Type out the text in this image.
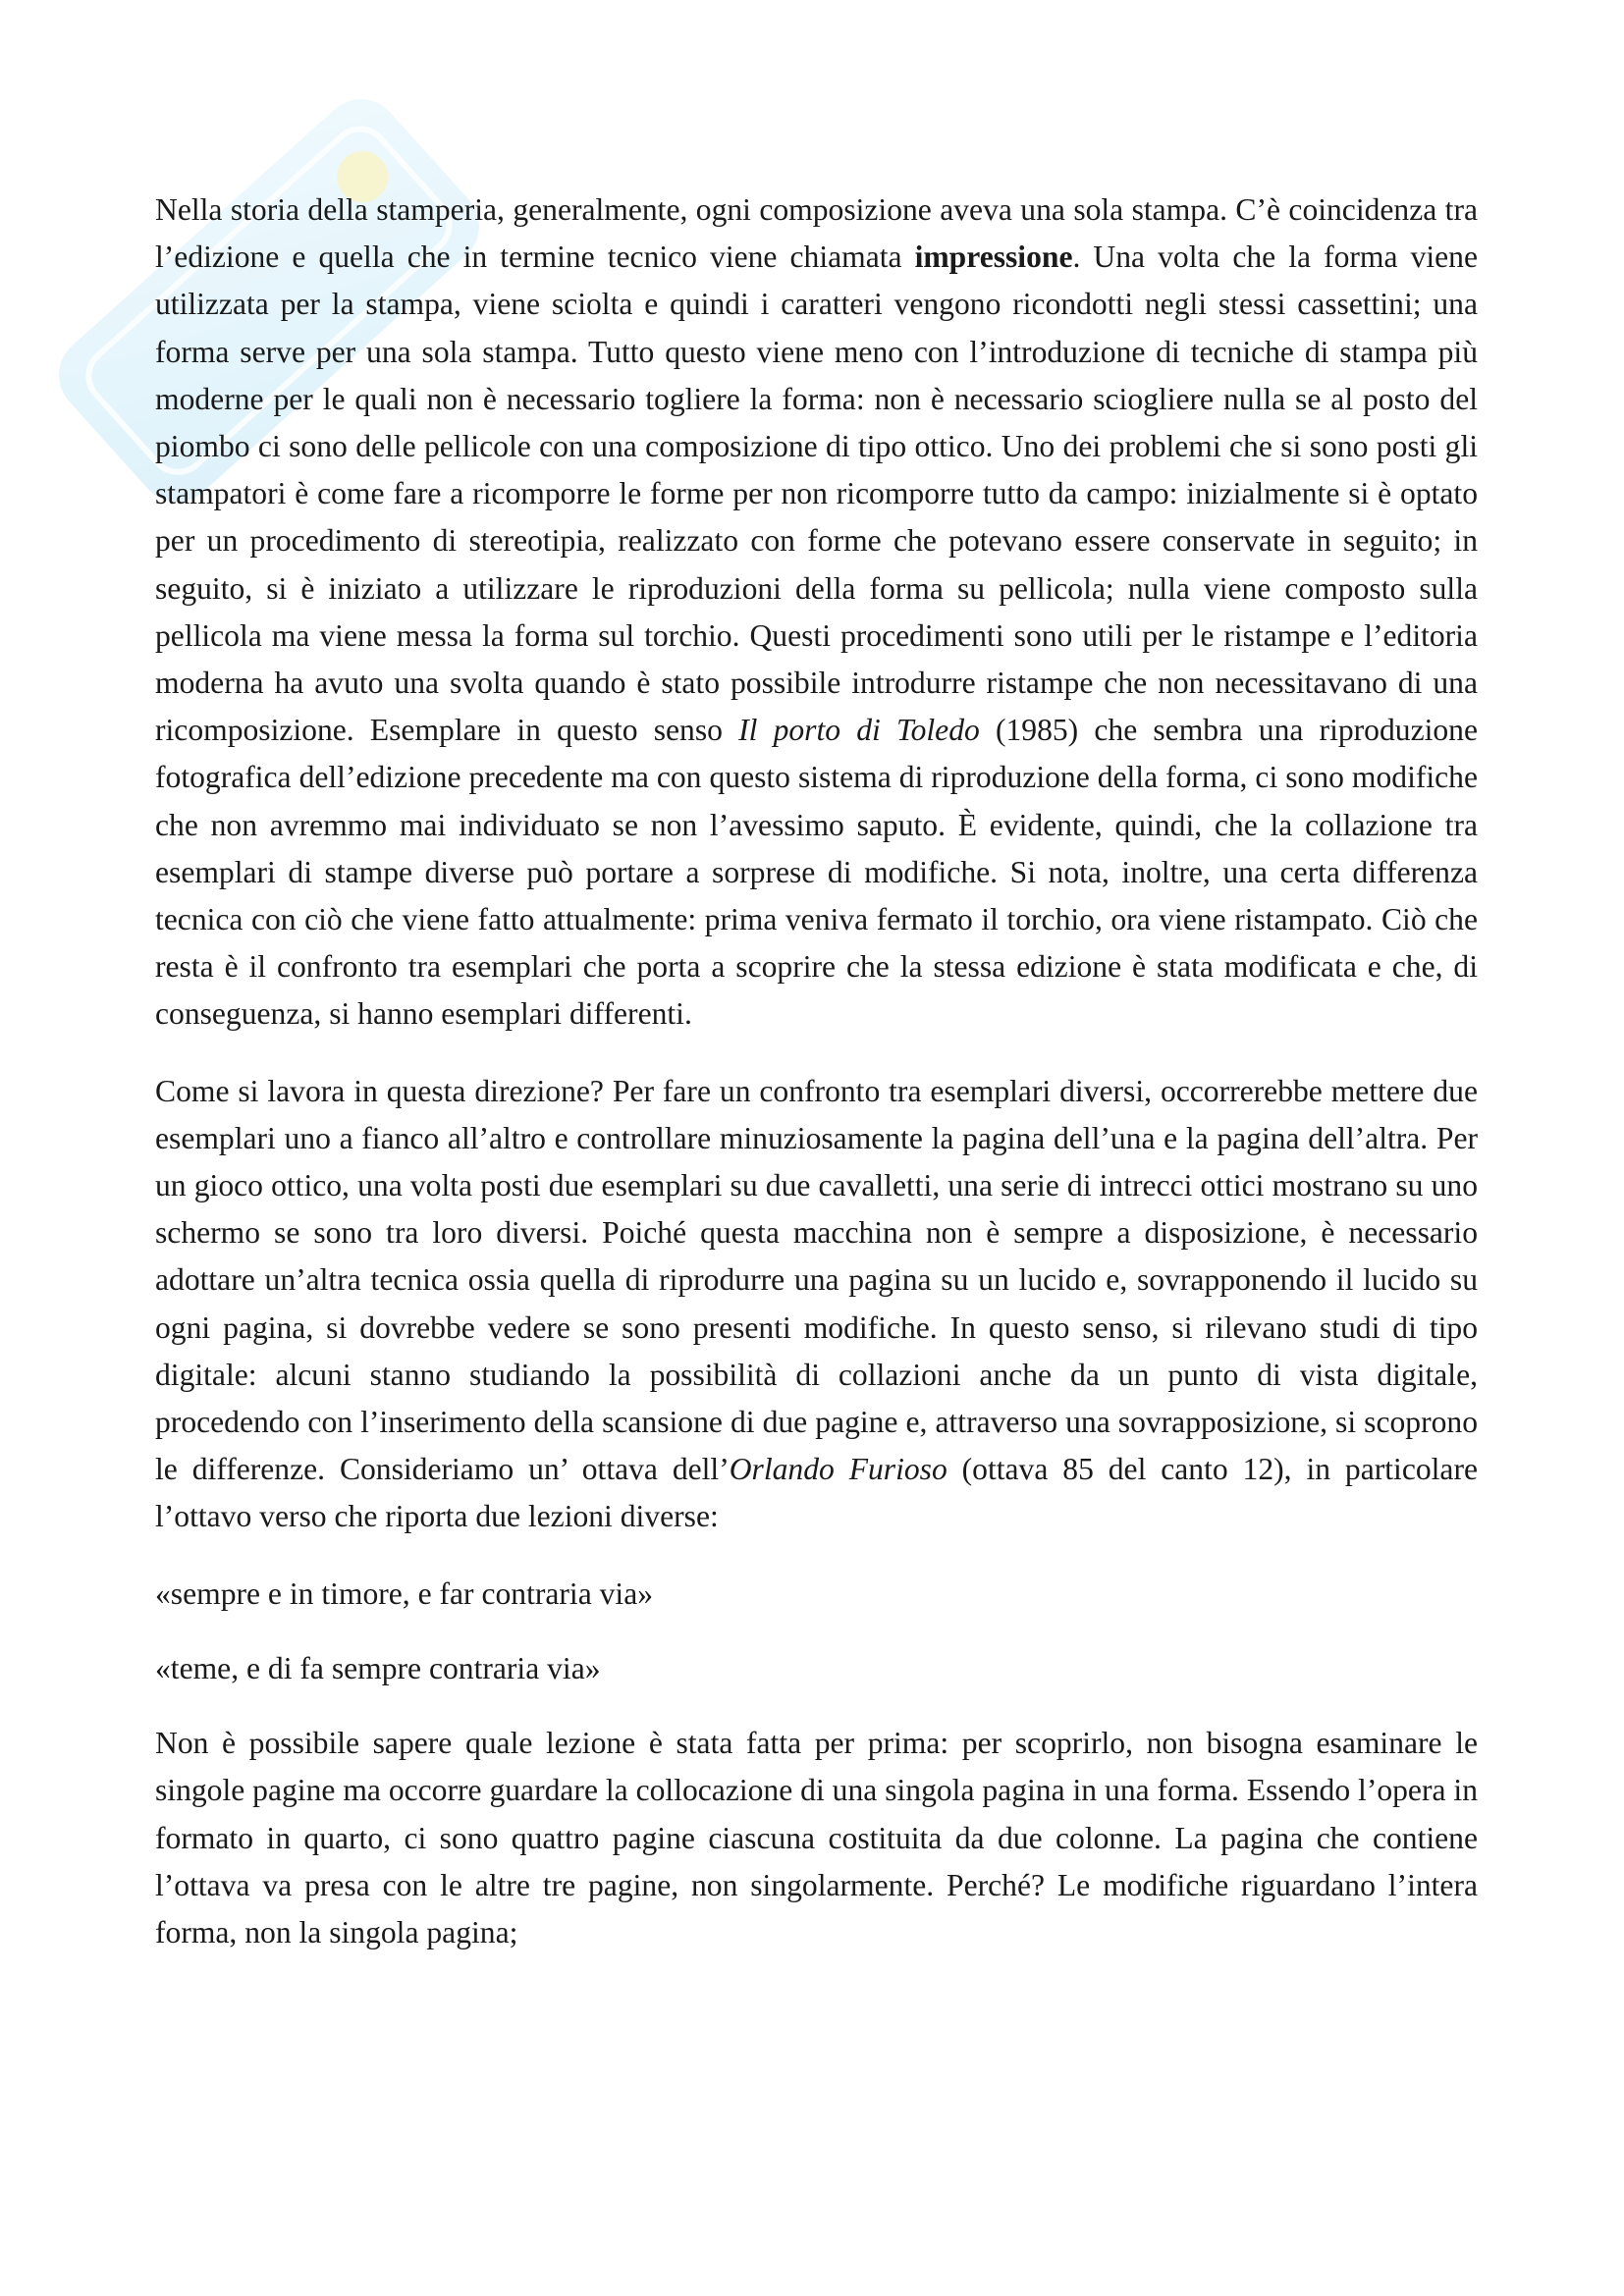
Nella storia della stamperia, generalmente, ogni composizione aveva una sola stampa. C’è coincidenza tra l’edizione e quella che in termine tecnico viene chiamata impressione. Una volta che la forma viene utilizzata per la stampa, viene sciolta e quindi i caratteri vengono ricondotti negli stessi cassettini; una forma serve per una sola stampa. Tutto questo viene meno con l’introduzione di tecniche di stampa più moderne per le quali non è necessario togliere la forma: non è necessario sciogliere nulla se al posto del piombo ci sono delle pellicole con una composizione di tipo ottico. Uno dei problemi che si sono posti gli stampatori è come fare a ricomporre le forme per non ricomporre tutto da campo: inizialmente si è optato per un procedimento di stereotipia, realizzato con forme che potevano essere conservate in seguito; in seguito, si è iniziato a utilizzare le riproduzioni della forma su pellicola; nulla viene composto sulla pellicola ma viene messa la forma sul torchio. Questi procedimenti sono utili per le ristampe e l’editoria moderna ha avuto una svolta quando è stato possibile introdurre ristampe che non necessitavano di una ricomposizione. Esemplare in questo senso Il porto di Toledo (1985) che sembra una riproduzione fotografica dell’edizione precedente ma con questo sistema di riproduzione della forma, ci sono modifiche che non avremmo mai individuato se non l’avessimo saputo. È evidente, quindi, che la collazione tra esemplari di stampe diverse può portare a sorprese di modifiche. Si nota, inoltre, una certa differenza tecnica con ciò che viene fatto attualmente: prima veniva fermato il torchio, ora viene ristampato. Ciò che resta è il confronto tra esemplari che porta a scoprire che la stessa edizione è stata modificata e che, di conseguenza, si hanno esemplari differenti.

Come si lavora in questa direzione? Per fare un confronto tra esemplari diversi, occorrerebbe mettere due esemplari uno a fianco all’altro e controllare minuziosamente la pagina dell’una e la pagina dell’altra. Per un gioco ottico, una volta posti due esemplari su due cavalletti, una serie di intrecci ottici mostrano su uno schermo se sono tra loro diversi. Poiché questa macchina non è sempre a disposizione, è necessario adottare un’altra tecnica ossia quella di riprodurre una pagina su un lucido e, sovrapponendo il lucido su ogni pagina, si dovrebbe vedere se sono presenti modifiche. In questo senso, si rilevano studi di tipo digitale: alcuni stanno studiando la possibilità di collazioni anche da un punto di vista digitale, procedendo con l’inserimento della scansione di due pagine e, attraverso una sovrapposizione, si scoprono le differenze. Consideriamo un’ ottava dell’Orlando Furioso (ottava 85 del canto 12), in particolare l’ottavo verso che riporta due lezioni diverse:

«sempre e in timore, e far contraria via»

«teme, e di fa sempre contraria via»

Non è possibile sapere quale lezione è stata fatta per prima: per scoprirlo, non bisogna esaminare le singole pagine ma occorre guardare la collocazione di una singola pagina in una forma. Essendo l’opera in formato in quarto, ci sono quattro pagine ciascuna costituita da due colonne. La pagina che contiene l’ottava va presa con le altre tre pagine, non singolarmente. Perché? Le modifiche riguardano l’intera forma, non la singola pagina;
